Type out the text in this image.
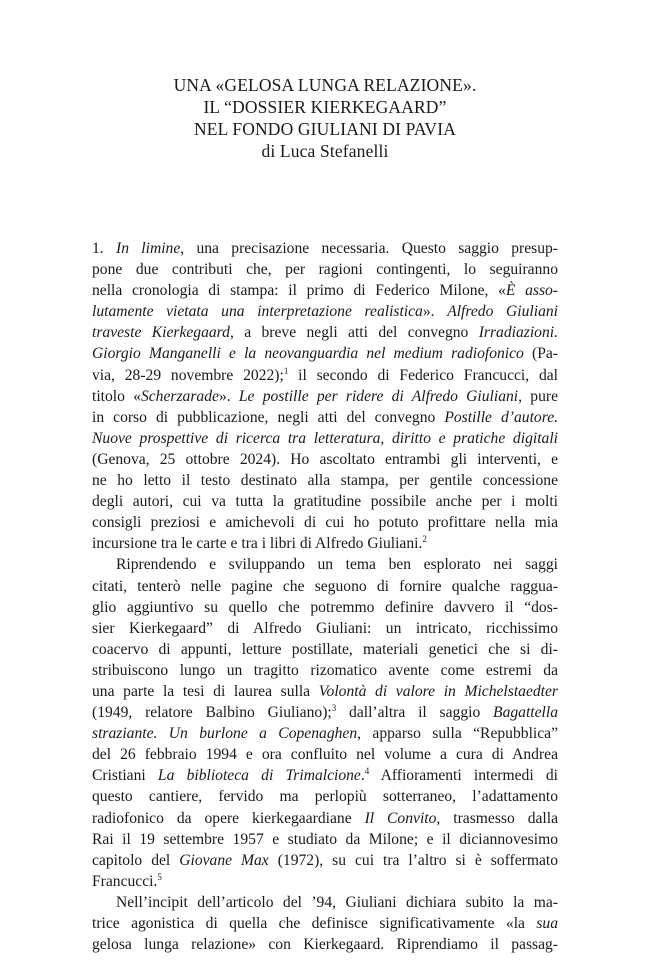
UNA «GELOSA LUNGA RELAZIONE».
IL “DOSSIER KIERKEGAARD”
NEL FONDO GIULIANI DI PAVIA
di Luca Stefanelli
1. In limine, una precisazione necessaria. Questo saggio presup-
pone due contributi che, per ragioni contingenti, lo seguiranno
nella cronologia di stampa: il primo di Federico Milone, «È asso-
lutamente vietata una interpretazione realistica». Alfredo Giuliani
traveste Kierkegaard, a breve negli atti del convegno Irradiazioni.
Giorgio Manganelli e la neovanguardia nel medium radiofonico (Pa-
via, 28-29 novembre 2022);$^1$ il secondo di Federico Francucci, dal
titolo «Scherzarade». Le postille per ridere di Alfredo Giuliani, pure
in corso di pubblicazione, negli atti del convegno Postille d’autore.
Nuove prospettive di ricerca tra letteratura, diritto e pratiche digitali
(Genova, 25 ottobre 2024). Ho ascoltato entrambi gli interventi, e
ne ho letto il testo destinato alla stampa, per gentile concessione
degli autori, cui va tutta la gratitudine possibile anche per i molti
consigli preziosi e amichevoli di cui ho potuto profittare nella mia
incursione tra le carte e tra i libri di Alfredo Giuliani.$^2$
Riprendendo e sviluppando un tema ben esplorato nei saggi
citati, tenterò nelle pagine che seguono di fornire qualche ragguа-
glio aggiuntivo su quello che potremmo definire davvero il “dos-
sier Kierkegaard” di Alfredo Giuliani: un intricato, ricchissimo
coacervo di appunti, letture postillate, materiali genetici che si di-
stribuiscono lungo un tragitto rizomatico avente come estremi da
una parte la tesi di laurea sulla Volontà di valore in Michelstaedter
(1949, relatore Balbino Giuliano);$^3$ dall’altra il saggio Bagattella
straziante. Un burlone a Copenaghen, apparso sulla “Repubblica”
del 26 febbraio 1994 e ora confluito nel volume a cura di Andrea
Cristiani La biblioteca di Trimalcione.$^4$ Affioramenti intermedi di
questo cantiere, fervido ma perlopiù sotterraneo, l’adattamento
radiofonico da opere kierkegaardiane Il Convito, trasmesso dalla
Rai il 19 settembre 1957 e studiato da Milone; e il diciannovesimo
capitolo del Giovane Max (1972), su cui tra l’altro si è soffermato
Francucci.$^5$
Nell’incipit dell’articolo del ’94, Giuliani dichiara subito la ma-
trice agonistica di quella che definisce significativamente «la sua
gelosa lunga relazione» con Kierkegaard. Riprendiamo il passag-
